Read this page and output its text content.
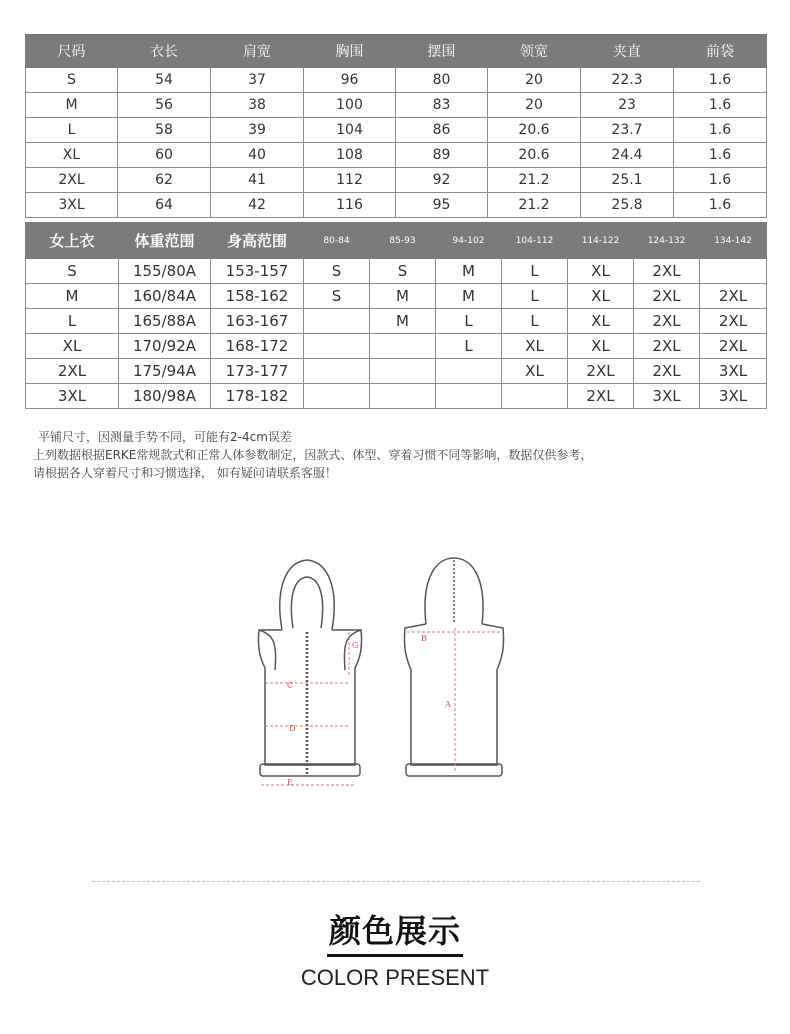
尺码	衣长	肩宽	胸围	摆围	领宽	夹直	前袋
S	54	37	96	80	20	22.3	1.6
M	56	38	100	83	20	23	1.6
L	58	39	104	86	20.6	23.7	1.6
XL	60	40	108	89	20.6	24.4	1.6
2XL	62	41	112	92	21.2	25.1	1.6
3XL	64	42	116	95	21.2	25.8	1.6
女上衣	体重范围	身高范围	80-84	85-93	94-102	104-112	114-122	124-132	134-142
S	155/80A	153-157	S	S	M	L	XL	2XL	
M	160/84A	158-162	S	M	M	L	XL	2XL	2XL
L	165/88A	163-167		M	L	L	XL	2XL	2XL
XL	170/92A	168-172			L	XL	XL	2XL	2XL
2XL	175/94A	173-177				XL	2XL	2XL	3XL
3XL	180/98A	178-182					2XL	3XL	3XL
平铺尺寸，因测量手势不同，可能有2-4cm误差
上列数据根据ERKE常规款式和正常人体参数制定，因款式、体型、穿着习惯不同等影响，数据仅供参考，
请根据各人穿着尺寸和习惯选择， 如有疑问请联系客服！
C
D
E
G
A
B
颜色展示
COLOR PRESENT
